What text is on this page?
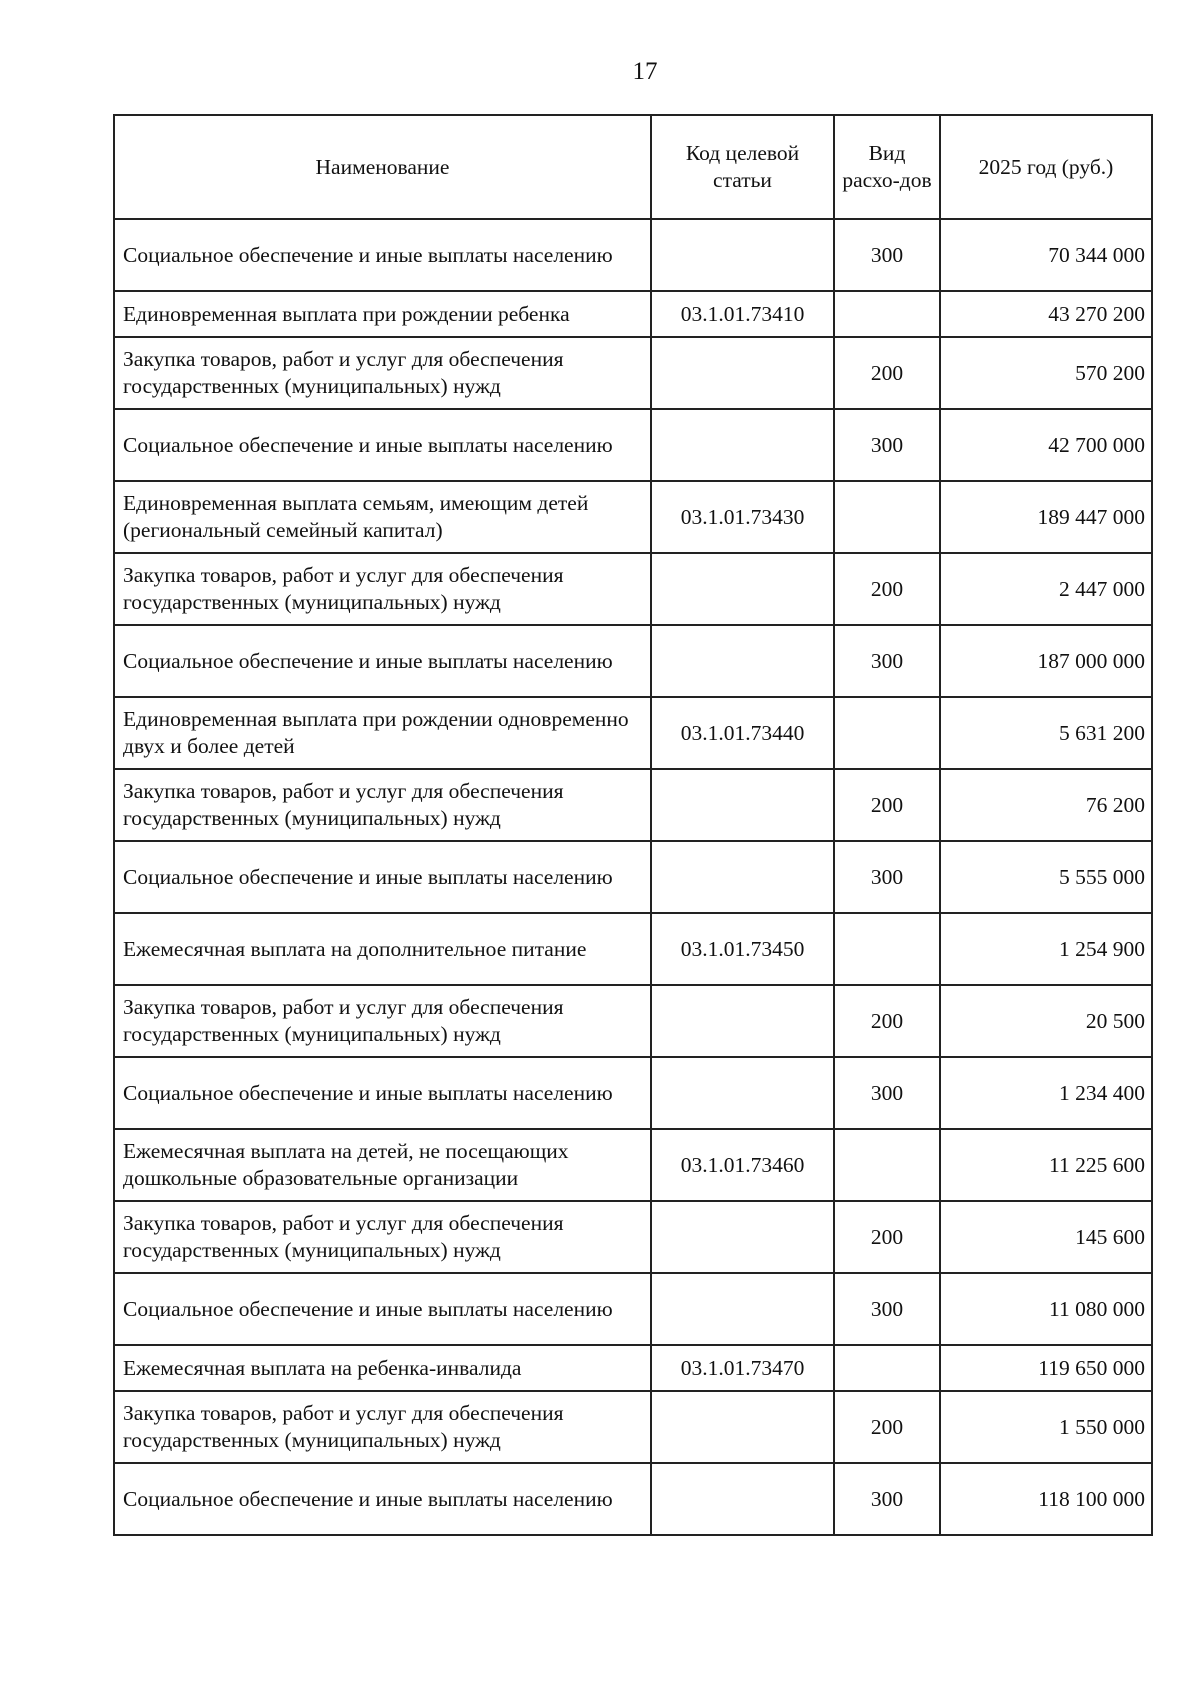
17
Наименование	Код целевой статьи	Вид расхо-дов	2025 год (руб.)
Социальное обеспечение и иные выплаты населению		300	70 344 000
Единовременная выплата при рождении ребенка	03.1.01.73410		43 270 200
Закупка товаров, работ и услуг для обеспечения государственных (муниципальных) нужд		200	570 200
Социальное обеспечение и иные выплаты населению		300	42 700 000
Единовременная выплата семьям, имеющим детей (региональный семейный капитал)	03.1.01.73430		189 447 000
Закупка товаров, работ и услуг для обеспечения государственных (муниципальных) нужд		200	2 447 000
Социальное обеспечение и иные выплаты населению		300	187 000 000
Единовременная выплата при рождении одновременно двух и более детей	03.1.01.73440		5 631 200
Закупка товаров, работ и услуг для обеспечения государственных (муниципальных) нужд		200	76 200
Социальное обеспечение и иные выплаты населению		300	5 555 000
Ежемесячная выплата на дополнительное питание	03.1.01.73450		1 254 900
Закупка товаров, работ и услуг для обеспечения государственных (муниципальных) нужд		200	20 500
Социальное обеспечение и иные выплаты населению		300	1 234 400
Ежемесячная выплата на детей, не посещающих дошкольные образовательные организации	03.1.01.73460		11 225 600
Закупка товаров, работ и услуг для обеспечения государственных (муниципальных) нужд		200	145 600
Социальное обеспечение и иные выплаты населению		300	11 080 000
Ежемесячная выплата на ребенка-инвалида	03.1.01.73470		119 650 000
Закупка товаров, работ и услуг для обеспечения государственных (муниципальных) нужд		200	1 550 000
Социальное обеспечение и иные выплаты населению		300	118 100 000
